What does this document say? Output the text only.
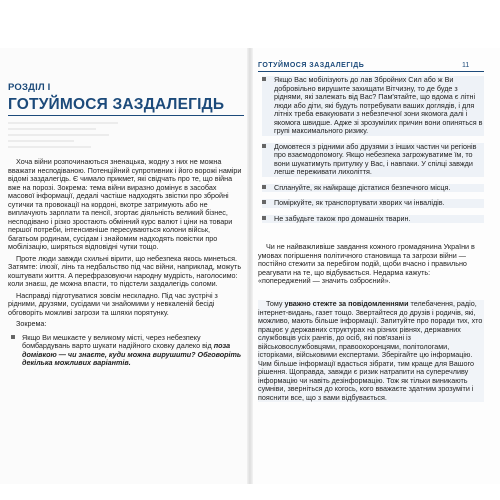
РОЗДІЛ І
ГОТУЙМОСЯ ЗАЗДАЛЕГІДЬ

Хоча війни розпочинаються зненацька, жодну з них не можна вважати несподіваною. Потенційний супротивник і його ворожі наміри відомі заздалегідь. Є чимало прикмет, які свідчать про те, що війна вже на порозі. Зокрема: тема війни виразно домінує в засобах масової інформації, дедалі частіше надходять звістки про збройні сутички та провокації на кордоні, вкотре затримують або не виплачують зарплати та пенсії, згортає діяльність великий бізнес, несподівано і різко зростають обмінний курс валют і ціни на товари першої потреби, інтенсивніше пересуваються колони військ, багатьом родинам, сусідам і знайомим надходять повістки про мобілізацію, ширяться відповідні чутки тощо.

Проте люди завжди схильні вірити, що небезпека якось минеться. Затямте: ілюзії, лінь та недбальство під час війни, наприклад, можуть коштувати життя. А перефразовуючи народну мудрість, наголосимо: коли знаєш, де можна впасти, то підстели заздалегідь соломи.

Насправді підготуватися зовсім нескладно. Під час зустрічі з рідними, друзями, сусідами чи знайомими у невкаленій бесіді обговоріть можливі загрози та шляхи порятунку.

Зокрема:

Якщо Ви мешкаєте у великому місті, через небезпеку бомбардувань варто шукати надійного сховку далеко від поза домівкою — чи знаєте, куди можна вирушити? Обговоріть декілька можливих варіантів.
ГОТУЙМОСЯ ЗАЗДАЛЕГІДЬ	11
Якщо Вас мобілізують до лав Збройних Сил або ж Ви добровільно вирушите захищати Вітчизну, то де буде з ріднями, які залежать від Вас? Пам'ятайте, що вдома є літні люди або діти, які будуть потребувати ваших доглядів, і для літніх треба евакуювати з небезпечної зони якомога далі і якомога швидше. Адже зі зрозумілих причин вони опиняться в групі максимального ризику.
Домовтеся з рідними або друзями з інших частин чи регіонів про взаємодопомогу. Якщо небезпека загрожуватиме їм, то вони шукатимуть притулку у Вас, і навпаки. У спілці завжди легше переживати лихоліття.
Сплануйте, як найкраще дістатися безпечного місця.
Поміркуйте, як транспортувати хворих чи інвалідів.
Не забудьте також про домашніх тварин.
Чи не найважливіше завдання кожного громадянина України в умовах погіршення політичного становища та загрози війни — постійно стежити за перебігом подій, щоби вчасно і правильно реагувати на те, що відбувається. Недарма кажуть: «попереджений — значить озброєний».
Тому уважно стежте за повідомленнями телебачення, радіо, інтернет-видань, газет тощо. Звертайтеся до друзів і родичів, які, можливо, мають більше інформації. Запитуйте про поради тих, хто працює у державних структурах на різних рівнях, державних службовців усіх рангів, до осіб, які пов'язані із військовослужбовцями, правоохоронцями, політологами, історіками, військовими експертами. Зберігайте цю інформацію. Чим більше інформації вдасться зібрати, тим краще для Вашого рішення. Щоправда, завжди є ризик натрапити на суперечливу інформацію чи навіть дезінформацію. Тож як тільки виникають сумніви, зверніться до когось, кого вважаєте здатним зрозуміти і пояснити все, що з вами відбувається.
